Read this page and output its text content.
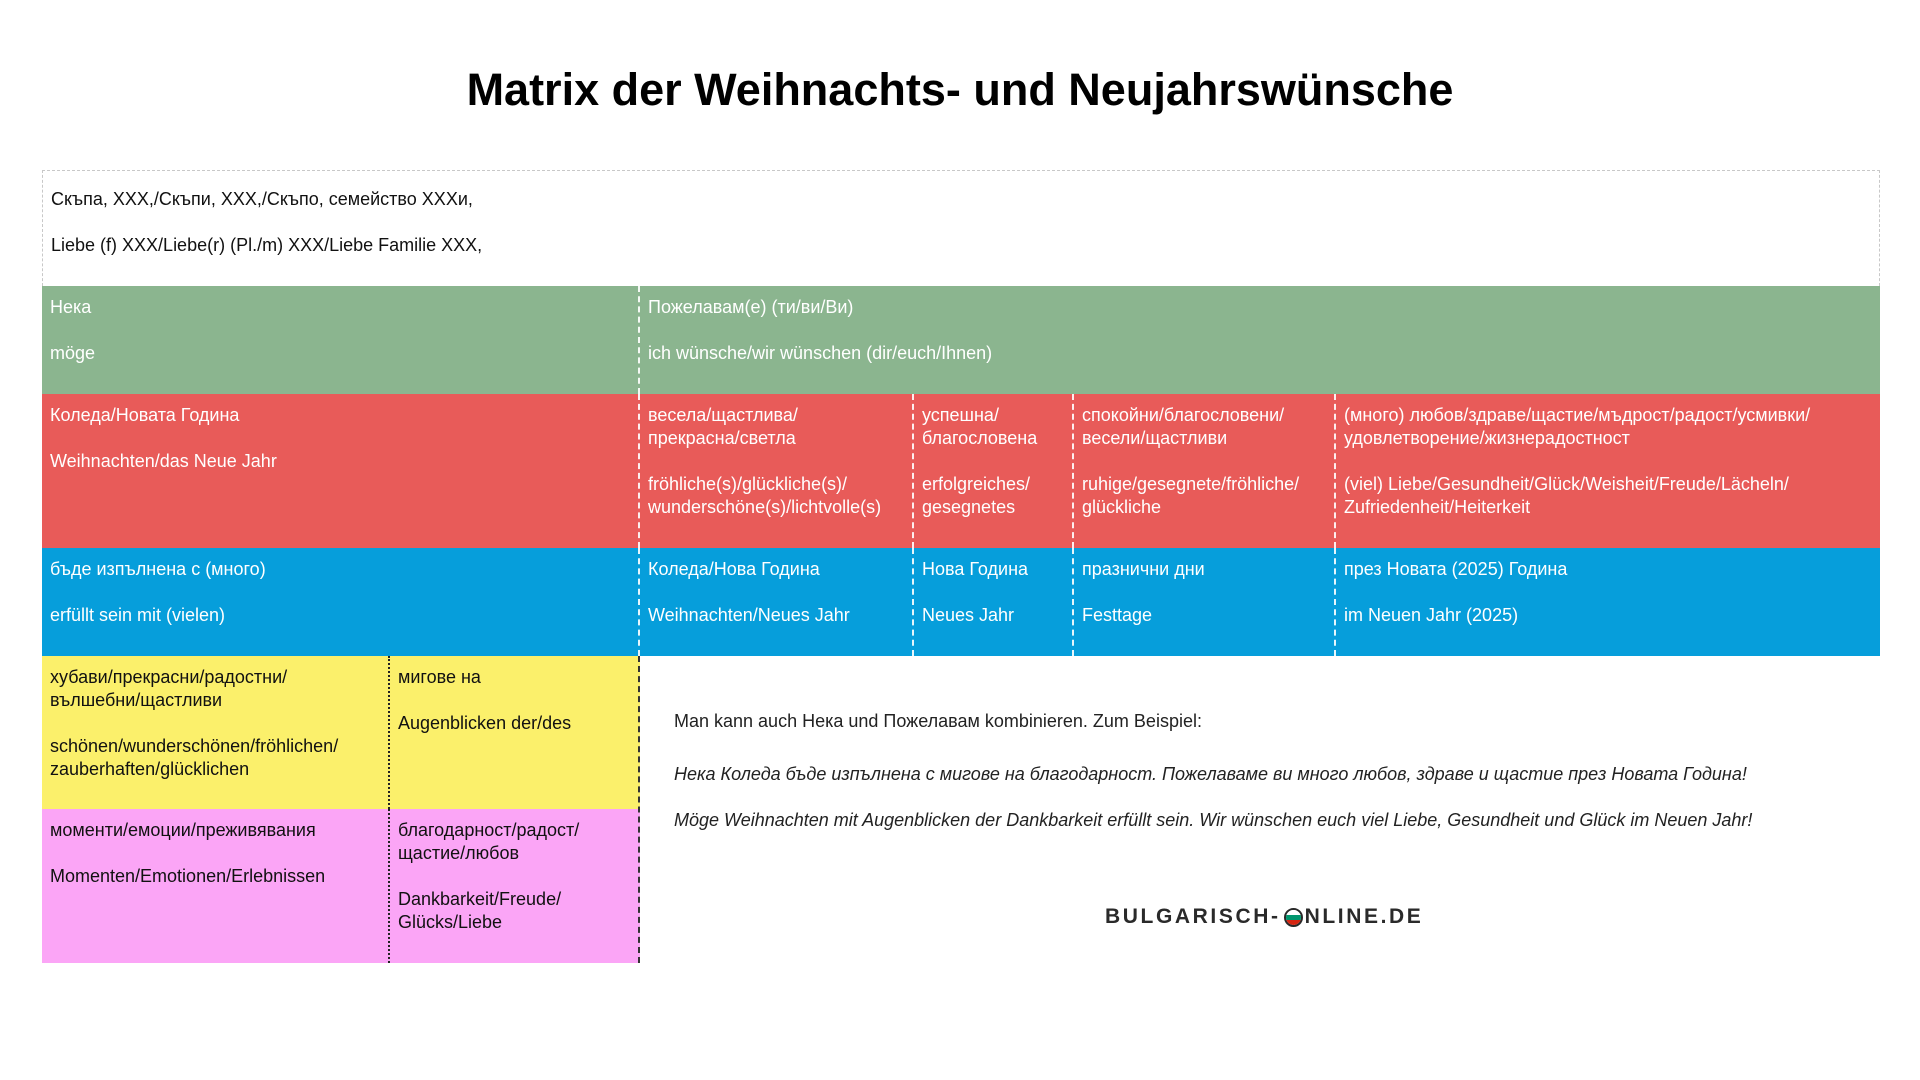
Matrix der Weihnachts- und Neujahrswünsche

Скъпа, XXX,/Скъпи, XXX,/Скъпо, семейство XXXи,

Liebe (f) XXX/Liebe(r) (Pl./m) XXX/Liebe Familie XXX,

Нека

möge

Пожелавам(е) (ти/ви/Ви)

ich wünsche/wir wünschen (dir/euch/Ihnen)

Коледа/Новата Година

Weihnachten/das Neue Jahr

весела/щастлива/
прекрасна/светла
fröhliche(s)/glückliche(s)/
wunderschöne(s)/lichtvolle(s)
успешна/
благословена
erfolgreiches/
gesegnetes
спокойни/благословени/
весели/щастливи
ruhige/gesegnete/fröhliche/
glückliche
(много) любов/здраве/щастие/мъдрост/радост/усмивки/
удовлетворение/жизнерадостност
(viel) Liebe/Gesundheit/Glück/Weisheit/Freude/Lächeln/
Zufriedenheit/Heiterkeit

бъде изпълнена с (много)

erfüllt sein mit (vielen)

Коледа/Нова Година

Weihnachten/Neues Jahr

Нова Година

Neues Jahr

празнични дни

Festtage

през Новата (2025) Година

im Neuen Jahr (2025)

хубави/прекрасни/радостни/
вълшебни/щастливи
schönen/wunderschönen/fröhlichen/
zauberhaften/glücklichen

мигове на

Augenblicken der/des

моменти/емоции/преживявания

Momenten/Emotionen/Erlebnissen

благодарност/радост/
щастие/любов
Dankbarkeit/Freude/
Glücks/Liebe

Man kann auch Нека und Пожелавам kombinieren. Zum Beispiel:

Нека Коледа бъде изпълнена с мигове на благодарност. Пожелаваме ви много любов, здраве и щастие през Новата Година!

Möge Weihnachten mit Augenblicken der Dankbarkeit erfüllt sein. Wir wünschen euch viel Liebe, Gesundheit und Glück im Neuen Jahr!

BULGARISCH- NLINE.DE
